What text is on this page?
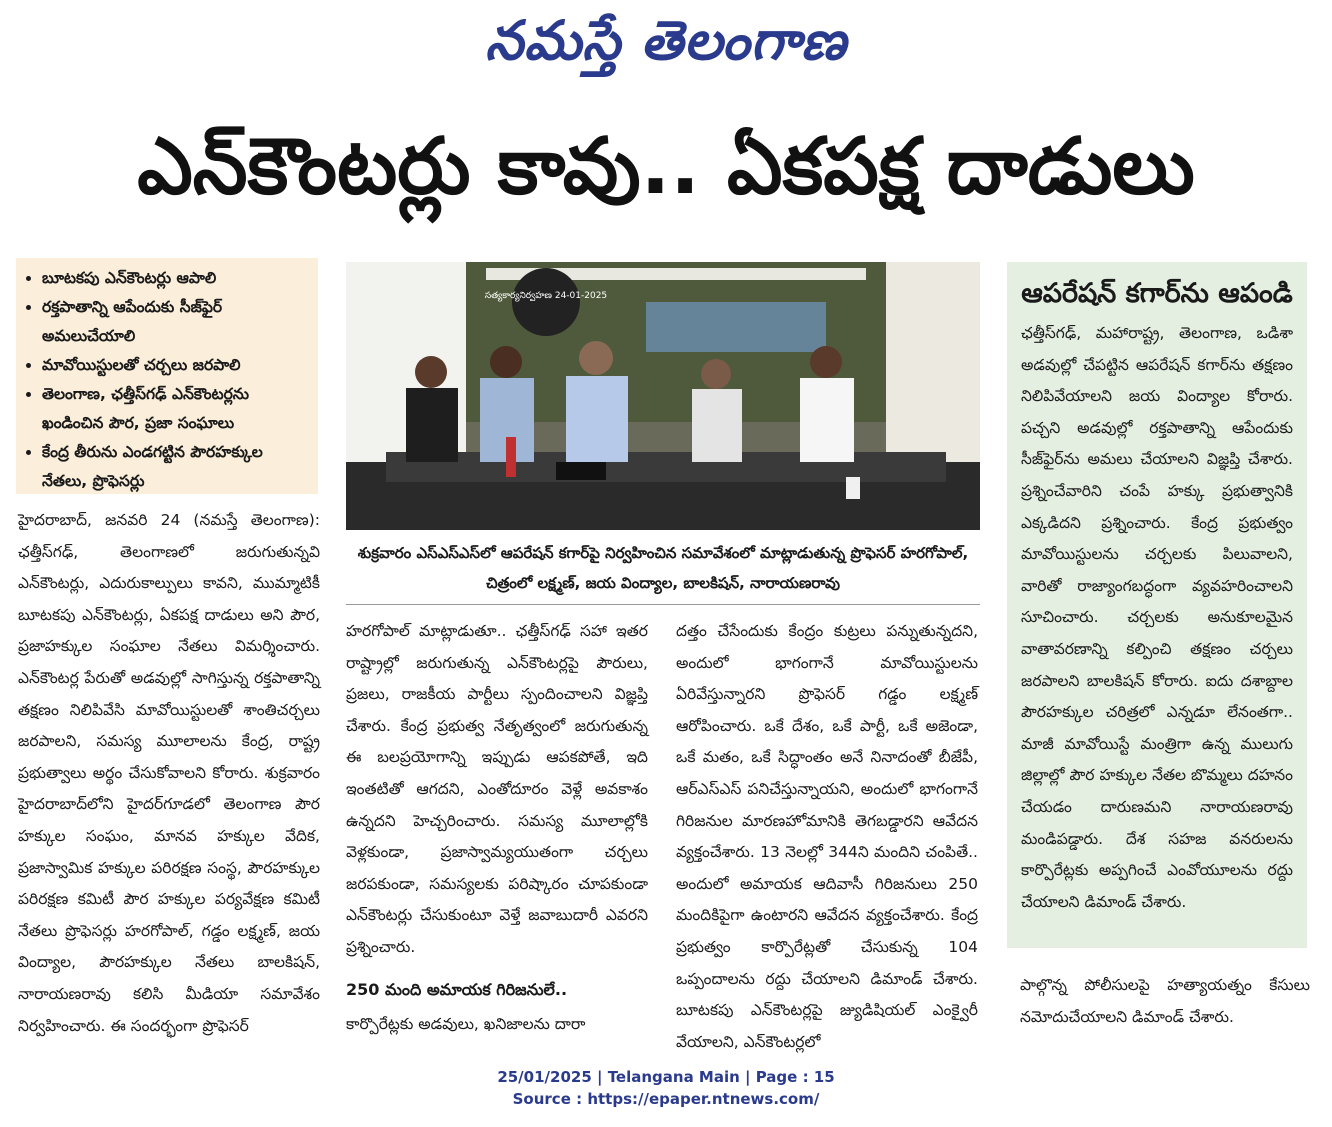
నమస్తే తెలంగాణ
ఎన్‌కౌంటర్లు కావు.. ఏకపక్ష దాడులు
• బూటకపు ఎన్‌కౌంటర్లు ఆపాలి
• రక్తపాతాన్ని ఆపేందుకు సీజ్‌ఫైర్ అమలుచేయాలి
• మావోయిస్టులతో చర్చలు జరపాలి
• తెలంగాణ, ఛత్తీస్‌గఢ్ ఎన్‌కౌంటర్లను ఖండించిన పౌర, ప్రజా సంఘాలు
• కేంద్ర తీరును ఎండగట్టిన పౌరహక్కుల నేతలు, ప్రొఫెసర్లు
సత్యకార్యనిర్వహణ 24-01-2025
శుక్రవారం ఎస్‌ఎస్‌ఎస్‌లో ఆపరేషన్ కగార్‌పై నిర్వహించిన సమావేశంలో మాట్లాడుతున్న ప్రొఫెసర్ హరగోపాల్, చిత్రంలో లక్ష్మణ్, జయ వింద్యాల, బాలకిషన్, నారాయణరావు

హైదరాబాద్, జనవరి 24 (నమస్తే తెలంగాణ): ఛత్తీస్‌గఢ్, తెలంగాణలో జరుగుతున్నవి ఎన్‌కౌంటర్లు, ఎదురుకాల్పులు కావని, ముమ్మాటికీ బూటకపు ఎన్‌కౌంటర్లు, ఏకపక్ష దాడులు అని పౌర, ప్రజాహక్కుల సంఘాల నేతలు విమర్శించారు. ఎన్‌కౌంటర్ల పేరుతో అడవుల్లో సాగిస్తున్న రక్తపాతాన్ని తక్షణం నిలిపివేసి మావోయిస్టులతో శాంతిచర్చలు జరపాలని, సమస్య మూలాలను కేంద్ర, రాష్ట్ర ప్రభుత్వాలు అర్థం చేసుకోవాలని కోరారు. శుక్రవారం హైదరాబాద్‌లోని హైదర్‌గూడలో తెలంగాణ పౌర హక్కుల సంఘం, మానవ హక్కుల వేదిక, ప్రజాస్వామిక హక్కుల పరిరక్షణ సంస్థ, పౌరహక్కుల పరిరక్షణ కమిటీ పౌర హక్కుల పర్యవేక్షణ కమిటీ నేతలు ప్రొఫెసర్లు హరగోపాల్, గడ్డం లక్ష్మణ్, జయ వింద్యాల, పౌరహక్కుల నేతలు బాలకిషన్, నారాయణరావు కలిసి మీడియా సమావేశం నిర్వహించారు. ఈ సందర్భంగా ప్రొఫెసర్

హరగోపాల్ మాట్లాడుతూ.. ఛత్తీస్‌గఢ్ సహా ఇతర రాష్ట్రాల్లో జరుగుతున్న ఎన్‌కౌంటర్లపై పౌరులు, ప్రజలు, రాజకీయ పార్టీలు స్పందించాలని విజ్ఞప్తి చేశారు. కేంద్ర ప్రభుత్వ నేతృత్వంలో జరుగుతున్న ఈ బలప్రయోగాన్ని ఇప్పుడు ఆపకపోతే, ఇది ఇంతటితో ఆగదని, ఎంతోదూరం వెళ్లే అవకాశం ఉన్నదని హెచ్చరించారు. సమస్య మూలాల్లోకి వెళ్లకుండా, ప్రజాస్వామ్యయుతంగా చర్చలు జరపకుండా, సమస్యలకు పరిష్కారం చూపకుండా ఎన్‌కౌంటర్లు చేసుకుంటూ వెళ్తే జవాబుదారీ ఎవరని ప్రశ్నించారు.

250 మంది అమాయక గిరిజనులే..

కార్పొరేట్లకు అడవులు, ఖనిజాలను దారా

దత్తం చేసేందుకు కేంద్రం కుట్రలు పన్నుతున్నదని, అందులో భాగంగానే మావోయిస్టులను ఏరివేస్తున్నారని ప్రొఫెసర్ గడ్డం లక్ష్మణ్ ఆరోపించారు. ఒకే దేశం, ఒకే పార్టీ, ఒకే అజెండా, ఒకే మతం, ఒకే సిద్ధాంతం అనే నినాదంతో బీజేపీ, ఆర్‌ఎస్‌ఎస్ పనిచేస్తున్నాయని, అందులో భాగంగానే గిరిజనుల మారణహోమానికి తెగబడ్డారని ఆవేదన వ్యక్తంచేశారు. 13 నెలల్లో 344ని మందిని చంపితే.. అందులో అమాయక ఆదివాసీ గిరిజనులు 250 మందికిపైగా ఉంటారని ఆవేదన వ్యక్తంచేశారు. కేంద్ర ప్రభుత్వం కార్పొరేట్లతో చేసుకున్న 104 ఒప్పందాలను రద్దు చేయాలని డిమాండ్ చేశారు. బూటకపు ఎన్‌కౌంటర్లపై జ్యుడిషియల్ ఎంక్వైరీ వేయాలని, ఎన్‌కౌంటర్లలో

ఆపరేషన్ కగార్‌ను ఆపండి
ఛత్తీస్‌గఢ్, మహారాష్ట్ర, తెలంగాణ, ఒడిశా అడవుల్లో చేపట్టిన ఆపరేషన్ కగార్‌ను తక్షణం నిలిపివేయాలని జయ వింద్యాల కోరారు. పచ్చని అడవుల్లో రక్తపాతాన్ని ఆపేందుకు సీజ్‌ఫైర్‌ను అమలు చేయాలని విజ్ఞప్తి చేశారు. ప్రశ్నించేవారిని చంపే హక్కు ప్రభుత్వానికి ఎక్కడిదని ప్రశ్నించారు. కేంద్ర ప్రభుత్వం మావోయిస్టులను చర్చలకు పిలువాలని, వారితో రాజ్యాంగబద్ధంగా వ్యవహరించాలని సూచించారు. చర్చలకు అనుకూలమైన వాతావరణాన్ని కల్పించి తక్షణం చర్చలు జరపాలని బాలకిషన్ కోరారు. ఐదు దశాబ్దాల పౌరహక్కుల చరిత్రలో ఎన్నడూ లేనంతగా.. మాజీ మావోయిస్టే మంత్రిగా ఉన్న ములుగు జిల్లాల్లో పౌర హక్కుల నేతల బొమ్మలు దహనం చేయడం దారుణమని నారాయణరావు మండిపడ్డారు. దేశ సహజ వనరులను కార్పొరేట్లకు అప్పగించే ఎంవోయూలను రద్దు చేయాలని డిమాండ్ చేశారు.
పాల్గొన్న పోలీసులపై హత్యాయత్నం కేసులు నమోదుచేయాలని డిమాండ్ చేశారు.
25/01/2025 | Telangana Main | Page : 15
Source : https://epaper.ntnews.com/
